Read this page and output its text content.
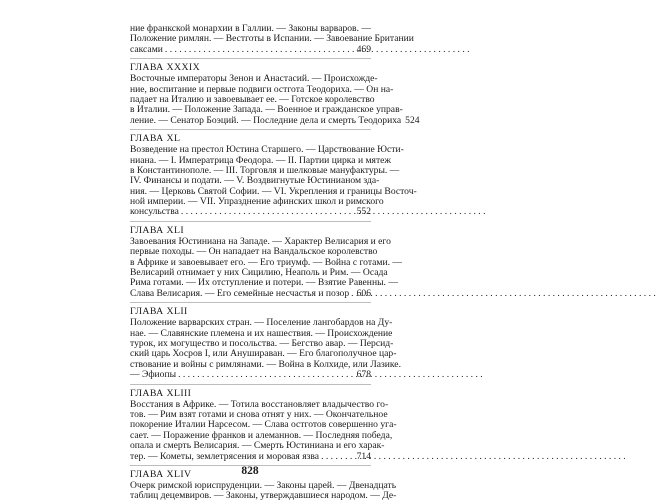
ние франкской монархии в Галлии. — Законы варваров. —
Положение римлян. — Вестготы в Испании. — Завоевание Британии
саксами . . .	469
ГЛАВА XXXIX
Восточные императоры Зенон и Анастасий. — Происхожде-
ние, воспитание и первые подвиги остгота Теодориха. — Он на-
падает на Италию и завоевывает ее. — Готское королевство
в Италии. — Положение Запада. — Военное и гражданское управ-
ление. — Сенатор Боэций. — Последние дела и смерть Теодориха 524
ГЛАВА XL
Возведение на престол Юстина Старшего. — Царствование Юсти-
ниана. — I. Императрица Феодора. — II. Партии цирка и мятеж
в Константинополе. — III. Торговля и шелковые мануфактуры. —
IV. Финансы и подати. — V. Воздвигнутые Юстинианом зда-
ния. — Церковь Святой Софии. — VI. Укрепления и границы Восточ-
ной империи. — VII. Упразднение афинских школ и римского
консульства . . .	552
ГЛАВА XLI
Завоевания Юстиниана на Западе. — Характер Велисария и его
первые походы. — Он нападает на Вандальское королевство
в Африке и завоевывает его. — Его триумф. — Война с готами. —
Велисарий отнимает у них Сицилию, Неаполь и Рим. — Осада
Рима готами. — Их отступление и потери. — Взятие Равенны. —
Слава Велисария. — Его семейные несчастья и позор . . . 606
ГЛАВА XLII
Положение варварских стран. — Поселение лангобардов на Ду-
нае. — Славянские племена и их нашествия. — Происхождение
турок, их могущество и посольства. — Бегство авар. — Персид-
ский царь Хосров I, или Анушираван. — Его благополучное цар-
ствование и войны с римлянами. — Война в Колхиде, или Лазике.
— Эфиопы . . .	678
ГЛАВА XLIII
Восстания в Африке. — Тотила восстановляет владычество го-
тов. — Рим взят готами и снова отнят у них. — Окончательное
покорение Италии Нарсесом. — Слава остготов совершенно уга-
сает. — Поражение франков и алеманнов. — Последняя победа,
опала и смерть Велисария. — Смерть Юстиниана и его харак-
тер. — Кометы, землетрясения и моровая язва . . .	714
ГЛАВА XLIV
Очерк римской юриспруденции. — Законы царей. — Двенадцать
таблиц децемвиров. — Законы, утверждавшиеся народом. — Де-
828
